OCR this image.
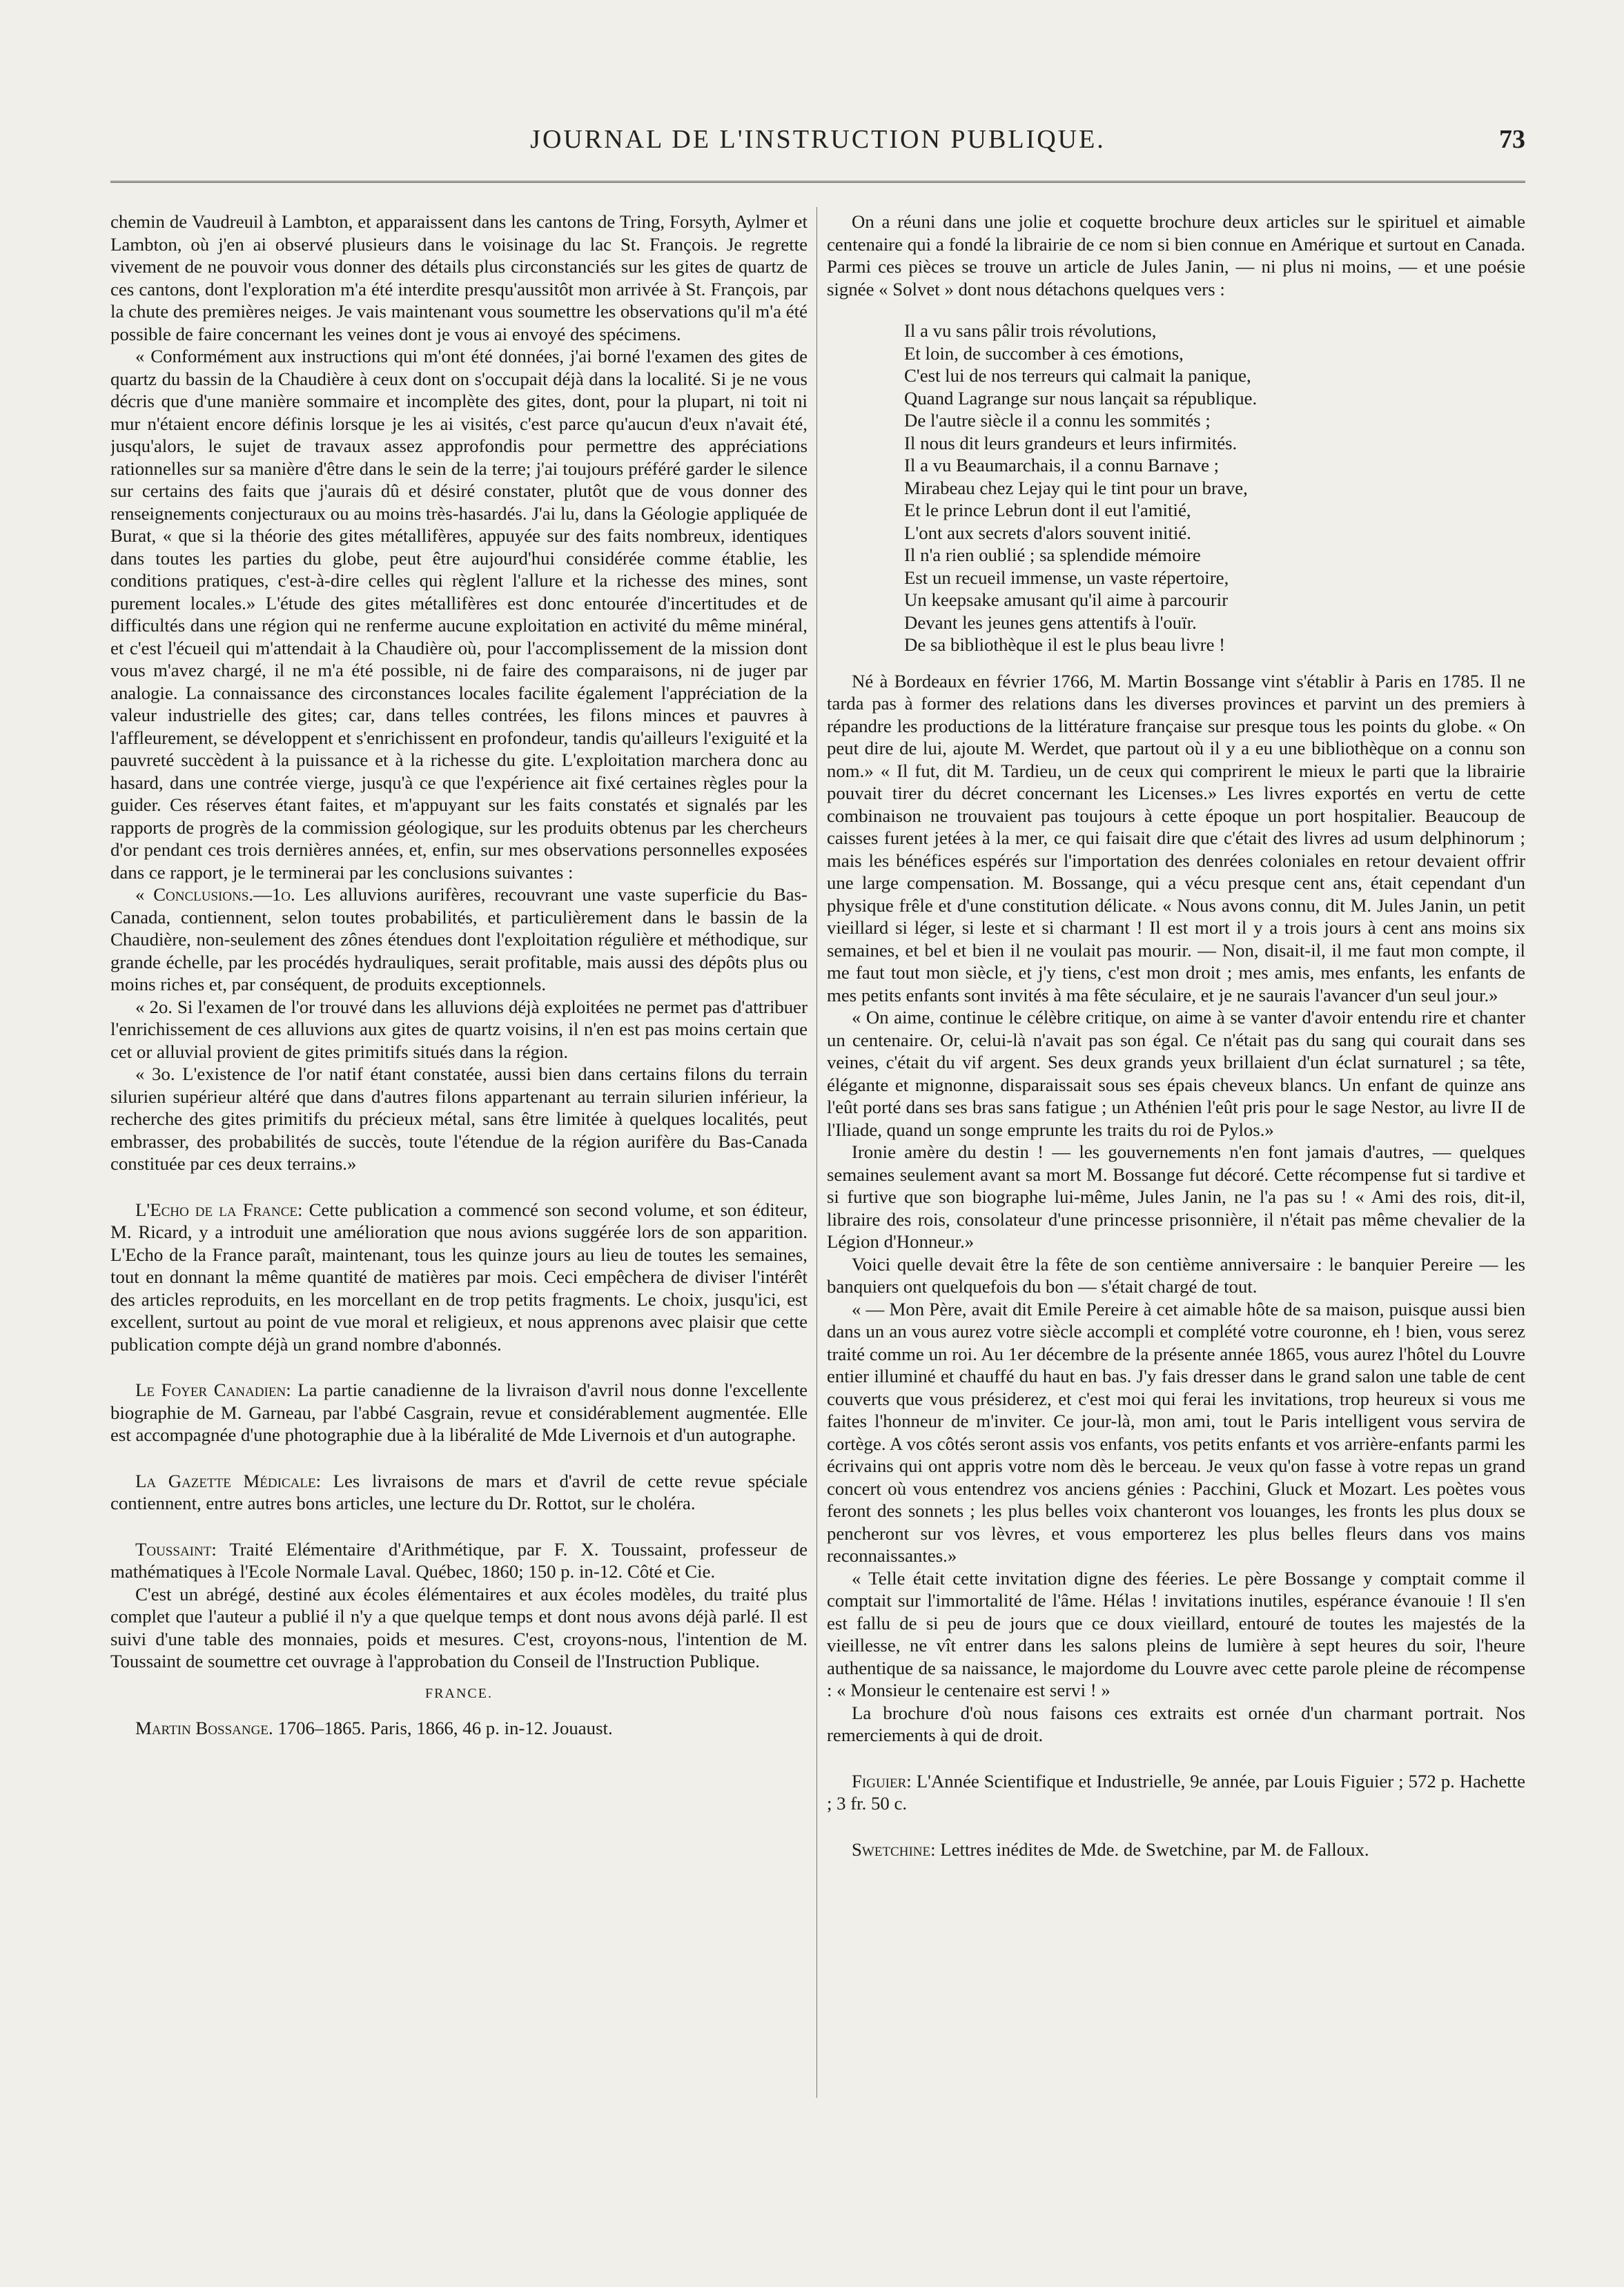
JOURNAL DE L'INSTRUCTION PUBLIQUE.	73

chemin de Vaudreuil à Lambton, et apparaissent dans les cantons de Tring, Forsyth, Aylmer et Lambton, où j'en ai observé plusieurs dans le voisinage du lac St. François. Je regrette vivement de ne pouvoir vous donner des détails plus circonstanciés sur les gites de quartz de ces cantons, dont l'exploration m'a été interdite presqu'aussitôt mon arrivée à St. François, par la chute des premières neiges. Je vais maintenant vous soumettre les observations qu'il m'a été possible de faire concernant les veines dont je vous ai envoyé des spécimens.

« Conformément aux instructions qui m'ont été données, j'ai borné l'examen des gites de quartz du bassin de la Chaudière à ceux dont on s'occupait déjà dans la localité. Si je ne vous décris que d'une manière sommaire et incomplète des gites, dont, pour la plupart, ni toit ni mur n'étaient encore définis lorsque je les ai visités, c'est parce qu'aucun d'eux n'avait été, jusqu'alors, le sujet de travaux assez approfondis pour permettre des appréciations rationnelles sur sa manière d'être dans le sein de la terre; j'ai toujours préféré garder le silence sur certains des faits que j'aurais dû et désiré constater, plutôt que de vous donner des renseignements conjecturaux ou au moins très-hasardés. J'ai lu, dans la Géologie appliquée de Burat, « que si la théorie des gites métallifères, appuyée sur des faits nombreux, identiques dans toutes les parties du globe, peut être aujourd'hui considérée comme établie, les conditions pratiques, c'est-à-dire celles qui règlent l'allure et la richesse des mines, sont purement locales.» L'étude des gites métallifères est donc entourée d'incertitudes et de difficultés dans une région qui ne renferme aucune exploitation en activité du même minéral, et c'est l'écueil qui m'attendait à la Chaudière où, pour l'accomplissement de la mission dont vous m'avez chargé, il ne m'a été possible, ni de faire des comparaisons, ni de juger par analogie. La connaissance des circonstances locales facilite également l'appréciation de la valeur industrielle des gites; car, dans telles contrées, les filons minces et pauvres à l'affleurement, se développent et s'enrichissent en profondeur, tandis qu'ailleurs l'exiguité et la pauvreté succèdent à la puissance et à la richesse du gite. L'exploitation marchera donc au hasard, dans une contrée vierge, jusqu'à ce que l'expérience ait fixé certaines règles pour la guider. Ces réserves étant faites, et m'appuyant sur les faits constatés et signalés par les rapports de progrès de la commission géologique, sur les produits obtenus par les chercheurs d'or pendant ces trois dernières années, et, enfin, sur mes observations personnelles exposées dans ce rapport, je le terminerai par les conclusions suivantes :

« Conclusions.—1o. Les alluvions aurifères, recouvrant une vaste superficie du Bas-Canada, contiennent, selon toutes probabilités, et particulièrement dans le bassin de la Chaudière, non-seulement des zônes étendues dont l'exploitation régulière et méthodique, sur grande échelle, par les procédés hydrauliques, serait profitable, mais aussi des dépôts plus ou moins riches et, par conséquent, de produits exceptionnels.

« 2o. Si l'examen de l'or trouvé dans les alluvions déjà exploitées ne permet pas d'attribuer l'enrichissement de ces alluvions aux gites de quartz voisins, il n'en est pas moins certain que cet or alluvial provient de gites primitifs situés dans la région.

« 3o. L'existence de l'or natif étant constatée, aussi bien dans certains filons du terrain silurien supérieur altéré que dans d'autres filons appartenant au terrain silurien inférieur, la recherche des gites primitifs du précieux métal, sans être limitée à quelques localités, peut embrasser, des probabilités de succès, toute l'étendue de la région aurifère du Bas-Canada constituée par ces deux terrains.»

L'Echo de la France: Cette publication a commencé son second volume, et son éditeur, M. Ricard, y a introduit une amélioration que nous avions suggérée lors de son apparition. L'Echo de la France paraît, maintenant, tous les quinze jours au lieu de toutes les semaines, tout en donnant la même quantité de matières par mois. Ceci empêchera de diviser l'intérêt des articles reproduits, en les morcellant en de trop petits fragments. Le choix, jusqu'ici, est excellent, surtout au point de vue moral et religieux, et nous apprenons avec plaisir que cette publication compte déjà un grand nombre d'abonnés.

Le Foyer Canadien: La partie canadienne de la livraison d'avril nous donne l'excellente biographie de M. Garneau, par l'abbé Casgrain, revue et considérablement augmentée. Elle est accompagnée d'une photographie due à la libéralité de Mde Livernois et d'un autographe.

La Gazette Médicale: Les livraisons de mars et d'avril de cette revue spéciale contiennent, entre autres bons articles, une lecture du Dr. Rottot, sur le choléra.

Toussaint: Traité Elémentaire d'Arithmétique, par F. X. Toussaint, professeur de mathématiques à l'Ecole Normale Laval. Québec, 1860; 150 p. in-12. Côté et Cie.

C'est un abrégé, destiné aux écoles élémentaires et aux écoles modèles, du traité plus complet que l'auteur a publié il n'y a que quelque temps et dont nous avons déjà parlé. Il est suivi d'une table des monnaies, poids et mesures. C'est, croyons-nous, l'intention de M. Toussaint de soumettre cet ouvrage à l'approbation du Conseil de l'Instruction Publique.

FRANCE.

Martin Bossange. 1706–1865. Paris, 1866, 46 p. in-12. Jouaust.

On a réuni dans une jolie et coquette brochure deux articles sur le spirituel et aimable centenaire qui a fondé la librairie de ce nom si bien connue en Amérique et surtout en Canada. Parmi ces pièces se trouve un article de Jules Janin, — ni plus ni moins, — et une poésie signée « Solvet » dont nous détachons quelques vers :

Il a vu sans pâlir trois révolutions,
Et loin, de succomber à ces émotions,
C'est lui de nos terreurs qui calmait la panique,
Quand Lagrange sur nous lançait sa république.
De l'autre siècle il a connu les sommités ;
Il nous dit leurs grandeurs et leurs infirmités.
Il a vu Beaumarchais, il a connu Barnave ;
Mirabeau chez Lejay qui le tint pour un brave,
Et le prince Lebrun dont il eut l'amitié,
L'ont aux secrets d'alors souvent initié.
Il n'a rien oublié ; sa splendide mémoire
Est un recueil immense, un vaste répertoire,
Un keepsake amusant qu'il aime à parcourir
Devant les jeunes gens attentifs à l'ouïr.
De sa bibliothèque il est le plus beau livre !

Né à Bordeaux en février 1766, M. Martin Bossange vint s'établir à Paris en 1785. Il ne tarda pas à former des relations dans les diverses provinces et parvint un des premiers à répandre les productions de la littérature française sur presque tous les points du globe. « On peut dire de lui, ajoute M. Werdet, que partout où il y a eu une bibliothèque on a connu son nom.» « Il fut, dit M. Tardieu, un de ceux qui comprirent le mieux le parti que la librairie pouvait tirer du décret concernant les Licenses.» Les livres exportés en vertu de cette combinaison ne trouvaient pas toujours à cette époque un port hospitalier. Beaucoup de caisses furent jetées à la mer, ce qui faisait dire que c'était des livres ad usum delphinorum ; mais les bénéfices espérés sur l'importation des denrées coloniales en retour devaient offrir une large compensation. M. Bossange, qui a vécu presque cent ans, était cependant d'un physique frêle et d'une constitution délicate. « Nous avons connu, dit M. Jules Janin, un petit vieillard si léger, si leste et si charmant ! Il est mort il y a trois jours à cent ans moins six semaines, et bel et bien il ne voulait pas mourir. — Non, disait-il, il me faut mon compte, il me faut tout mon siècle, et j'y tiens, c'est mon droit ; mes amis, mes enfants, les enfants de mes petits enfants sont invités à ma fête séculaire, et je ne saurais l'avancer d'un seul jour.»

« On aime, continue le célèbre critique, on aime à se vanter d'avoir entendu rire et chanter un centenaire. Or, celui-là n'avait pas son égal. Ce n'était pas du sang qui courait dans ses veines, c'était du vif argent. Ses deux grands yeux brillaient d'un éclat surnaturel ; sa tête, élégante et mignonne, disparaissait sous ses épais cheveux blancs. Un enfant de quinze ans l'eût porté dans ses bras sans fatigue ; un Athénien l'eût pris pour le sage Nestor, au livre II de l'Iliade, quand un songe emprunte les traits du roi de Pylos.»

Ironie amère du destin ! — les gouvernements n'en font jamais d'autres, — quelques semaines seulement avant sa mort M. Bossange fut décoré. Cette récompense fut si tardive et si furtive que son biographe lui-même, Jules Janin, ne l'a pas su ! « Ami des rois, dit-il, libraire des rois, consolateur d'une princesse prisonnière, il n'était pas même chevalier de la Légion d'Honneur.»

Voici quelle devait être la fête de son centième anniversaire : le banquier Pereire — les banquiers ont quelquefois du bon — s'était chargé de tout.

« — Mon Père, avait dit Emile Pereire à cet aimable hôte de sa maison, puisque aussi bien dans un an vous aurez votre siècle accompli et complété votre couronne, eh ! bien, vous serez traité comme un roi. Au 1er décembre de la présente année 1865, vous aurez l'hôtel du Louvre entier illuminé et chauffé du haut en bas. J'y fais dresser dans le grand salon une table de cent couverts que vous présiderez, et c'est moi qui ferai les invitations, trop heureux si vous me faites l'honneur de m'inviter. Ce jour-là, mon ami, tout le Paris intelligent vous servira de cortège. A vos côtés seront assis vos enfants, vos petits enfants et vos arrière-enfants parmi les écrivains qui ont appris votre nom dès le berceau. Je veux qu'on fasse à votre repas un grand concert où vous entendrez vos anciens génies : Pacchini, Gluck et Mozart. Les poètes vous feront des sonnets ; les plus belles voix chanteront vos louanges, les fronts les plus doux se pencheront sur vos lèvres, et vous emporterez les plus belles fleurs dans vos mains reconnaissantes.»

« Telle était cette invitation digne des féeries. Le père Bossange y comptait comme il comptait sur l'immortalité de l'âme. Hélas ! invitations inutiles, espérance évanouie ! Il s'en est fallu de si peu de jours que ce doux vieillard, entouré de toutes les majestés de la vieillesse, ne vît entrer dans les salons pleins de lumière à sept heures du soir, l'heure authentique de sa naissance, le majordome du Louvre avec cette parole pleine de récompense : « Monsieur le centenaire est servi ! »

La brochure d'où nous faisons ces extraits est ornée d'un charmant portrait. Nos remerciements à qui de droit.

Figuier: L'Année Scientifique et Industrielle, 9e année, par Louis Figuier ; 572 p. Hachette ; 3 fr. 50 c.

Swetchine: Lettres inédites de Mde. de Swetchine, par M. de Falloux.
